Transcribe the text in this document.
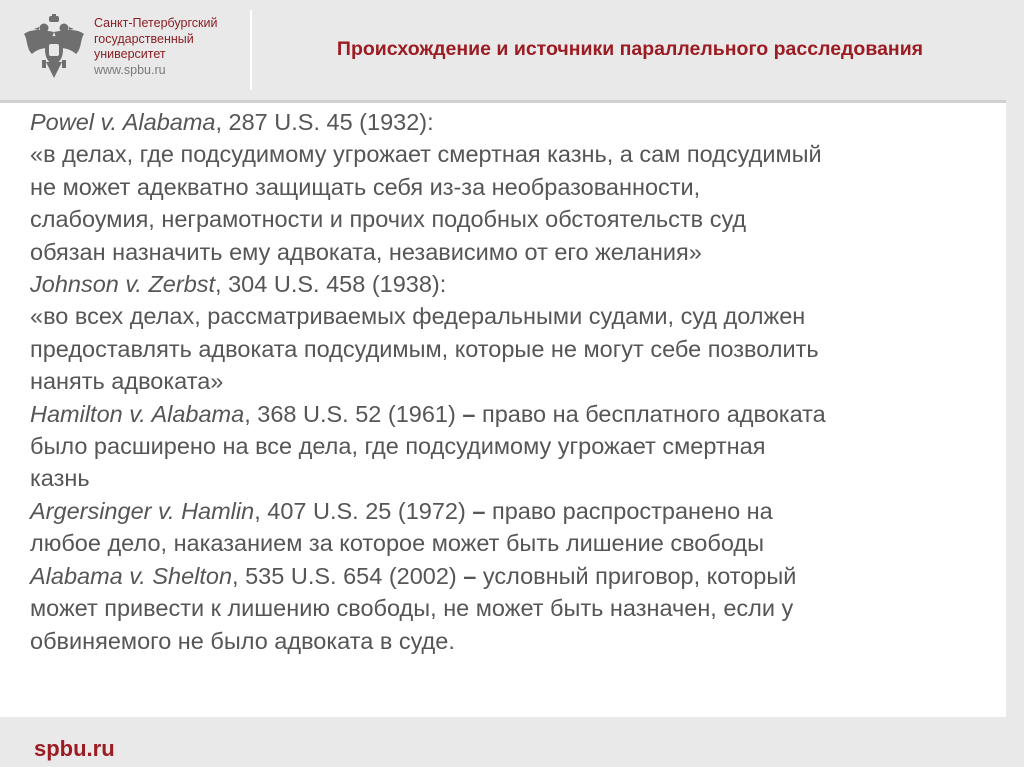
Санкт-Петербургский
государственный
университет
www.spbu.ru
Происхождение и источники параллельного расследования
Powel v. Alabama, 287 U.S. 45 (1932):
«в делах, где подсудимому угрожает смертная казнь, а сам подсудимый
не может адекватно защищать себя из-за необразованности,
слабоумия, неграмотности и прочих подобных обстоятельств суд
обязан назначить ему адвоката, независимо от его желания»
Johnson v. Zerbst, 304 U.S. 458 (1938):
«во всех делах, рассматриваемых федеральными судами, суд должен
предоставлять адвоката подсудимым, которые не могут себе позволить
нанять адвоката»
Hamilton v. Alabama, 368 U.S. 52 (1961) – право на бесплатного адвоката
было расширено на все дела, где подсудимому угрожает смертная
казнь
Argersinger v. Hamlin, 407 U.S. 25 (1972) – право распространено на
любое дело, наказанием за которое может быть лишение свободы
Alabama v. Shelton, 535 U.S. 654 (2002) – условный приговор, который
может привести к лишению свободы, не может быть назначен, если у
обвиняемого не было адвоката в суде.
spbu.ru
